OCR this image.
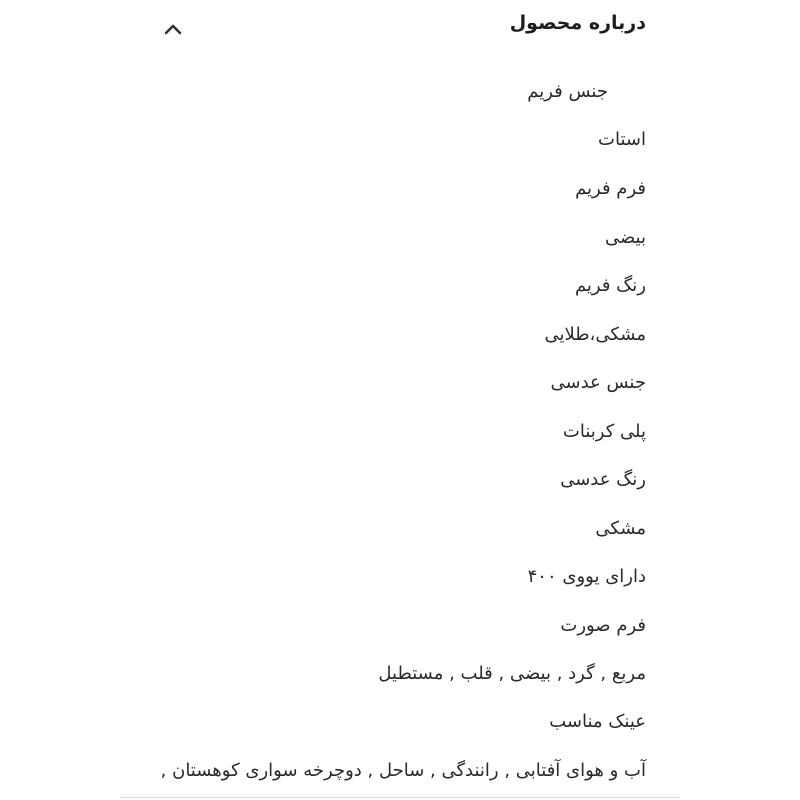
درباره محصول
جنس فریم
استات
فرم فریم
بیضی
رنگ فریم
مشکی،طلایی
جنس عدسی
پلی کربنات
رنگ عدسی
مشکی
دارای یووی ۴۰۰
فرم صورت
مربع , گرد , بیضی , قلب , مستطیل
عینک مناسب
آب و هوای آفتابی , رانندگی , ساحل , دوچرخه سواری کوهستان ,
